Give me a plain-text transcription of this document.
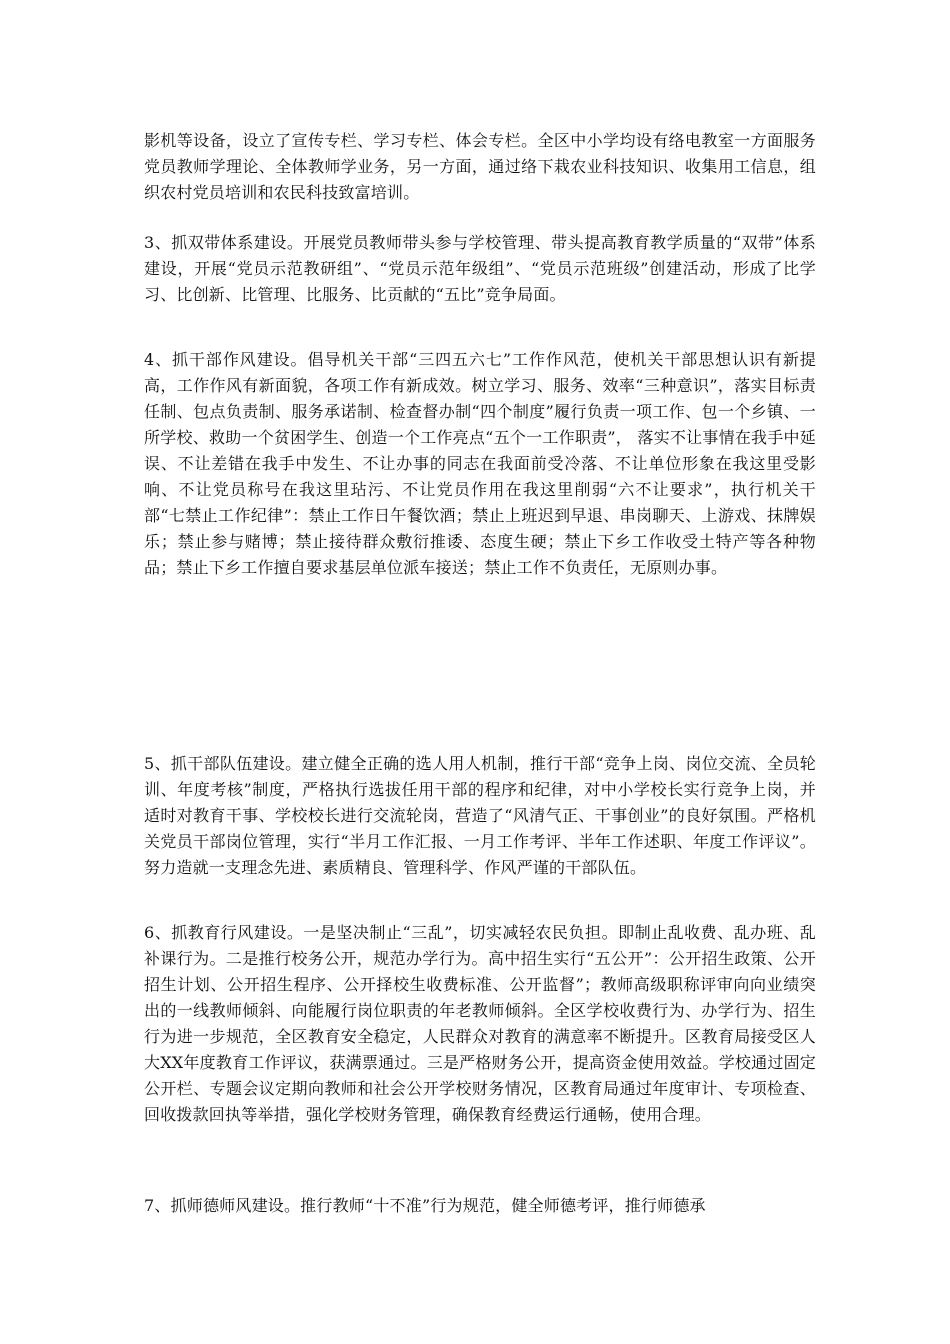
影机等设备，设立了宣传专栏、学习专栏、体会专栏。全区中小学均设有络电教室一方面服务党员教师学理论、全体教师学业务，另一方面，通过络下栽农业科技知识、收集用工信息，组织农村党员培训和农民科技致富培训。

3、抓双带体系建设。开展党员教师带头参与学校管理、带头提高教育教学质量的“双带”体系建设，开展“党员示范教研组”、“党员示范年级组”、“党员示范班级”创建活动，形成了比学习、比创新、比管理、比服务、比贡献的“五比”竞争局面。

4、抓干部作风建设。倡导机关干部“三四五六七”工作作风范，使机关干部思想认识有新提高，工作作风有新面貌，各项工作有新成效。树立学习、服务、效率“三种意识”，落实目标责任制、包点负责制、服务承诺制、检查督办制“四个制度”履行负责一项工作、包一个乡镇、一所学校、救助一个贫困学生、创造一个工作亮点“五个一工作职责”， 落实不让事情在我手中延误、不让差错在我手中发生、不让办事的同志在我面前受冷落、不让单位形象在我这里受影响、不让党员称号在我这里玷污、不让党员作用在我这里削弱“六不让要求”，执行机关干部“七禁止工作纪律”：禁止工作日午餐饮酒；禁止上班迟到早退、串岗聊天、上游戏、抹牌娱乐；禁止参与赌博；禁止接待群众敷衍推诿、态度生硬；禁止下乡工作收受土特产等各种物品；禁止下乡工作擅自要求基层单位派车接送；禁止工作不负责任，无原则办事。

5、抓干部队伍建设。建立健全正确的选人用人机制，推行干部“竞争上岗、岗位交流、全员轮训、年度考核”制度，严格执行选拔任用干部的程序和纪律，对中小学校长实行竞争上岗，并适时对教育干事、学校校长进行交流轮岗，营造了“风清气正、干事创业”的良好氛围。严格机关党员干部岗位管理，实行“半月工作汇报、一月工作考评、半年工作述职、年度工作评议”。努力造就一支理念先进、素质精良、管理科学、作风严谨的干部队伍。

6、抓教育行风建设。一是坚决制止“三乱”，切实减轻农民负担。即制止乱收费、乱办班、乱补课行为。二是推行校务公开，规范办学行为。高中招生实行“五公开”：公开招生政策、公开招生计划、公开招生程序、公开择校生收费标准、公开监督”；教师高级职称评审向向业绩突出的一线教师倾斜、向能履行岗位职责的年老教师倾斜。全区学校收费行为、办学行为、招生行为进一步规范，全区教育安全稳定，人民群众对教育的满意率不断提升。区教育局接受区人大XX年度教育工作评议，获满票通过。三是严格财务公开，提高资金使用效益。学校通过固定公开栏、专题会议定期向教师和社会公开学校财务情况，区教育局通过年度审计、专项检查、回收拨款回执等举措，强化学校财务管理，确保教育经费运行通畅，使用合理。

7、抓师德师风建设。推行教师“十不准”行为规范，健全师德考评，推行师德承
